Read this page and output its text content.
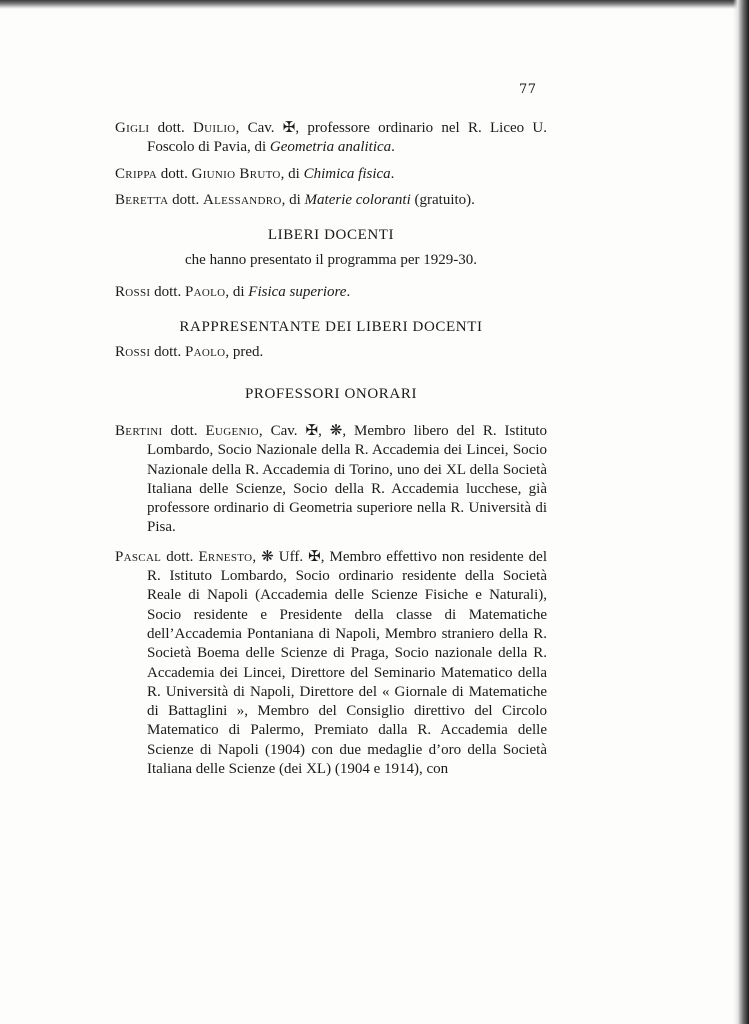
77

Gigli dott. Duilio, Cav. ✠, professore ordinario nel R. Liceo U. Foscolo di Pavia, di Geometria analitica.

Crippa dott. Giunio Bruto, di Chimica fisica.

Beretta dott. Alessandro, di Materie coloranti (gratuito).

LIBERI DOCENTI
che hanno presentato il programma per 1929-30.

Rossi dott. Paolo, di Fisica superiore.

RAPPRESENTANTE DEI LIBERI DOCENTI

Rossi dott. Paolo, pred.

PROFESSORI ONORARI

Bertini dott. Eugenio, Cav. ✠, ❋, Membro libero del R. Istituto Lombardo, Socio Nazionale della R. Accademia dei Lincei, Socio Nazionale della R. Accademia di Torino, uno dei XL della Società Italiana delle Scienze, Socio della R. Accademia lucchese, già professore ordinario di Geometria superiore nella R. Università di Pisa.

Pascal dott. Ernesto, ❋ Uff. ✠, Membro effettivo non residente del R. Istituto Lombardo, Socio ordinario residente della Società Reale di Napoli (Accademia delle Scienze Fisiche e Naturali), Socio residente e Presidente della classe di Matematiche dell’Accademia Pontaniana di Napoli, Membro straniero della R. Società Boema delle Scienze di Praga, Socio nazionale della R. Accademia dei Lincei, Direttore del Seminario Matematico della R. Università di Napoli, Direttore del « Giornale di Matematiche di Battaglini », Membro del Consiglio direttivo del Circolo Matematico di Palermo, Premiato dalla R. Accademia delle Scienze di Napoli (1904) con due medaglie d’oro della Società Italiana delle Scienze (dei XL) (1904 e 1914), con
